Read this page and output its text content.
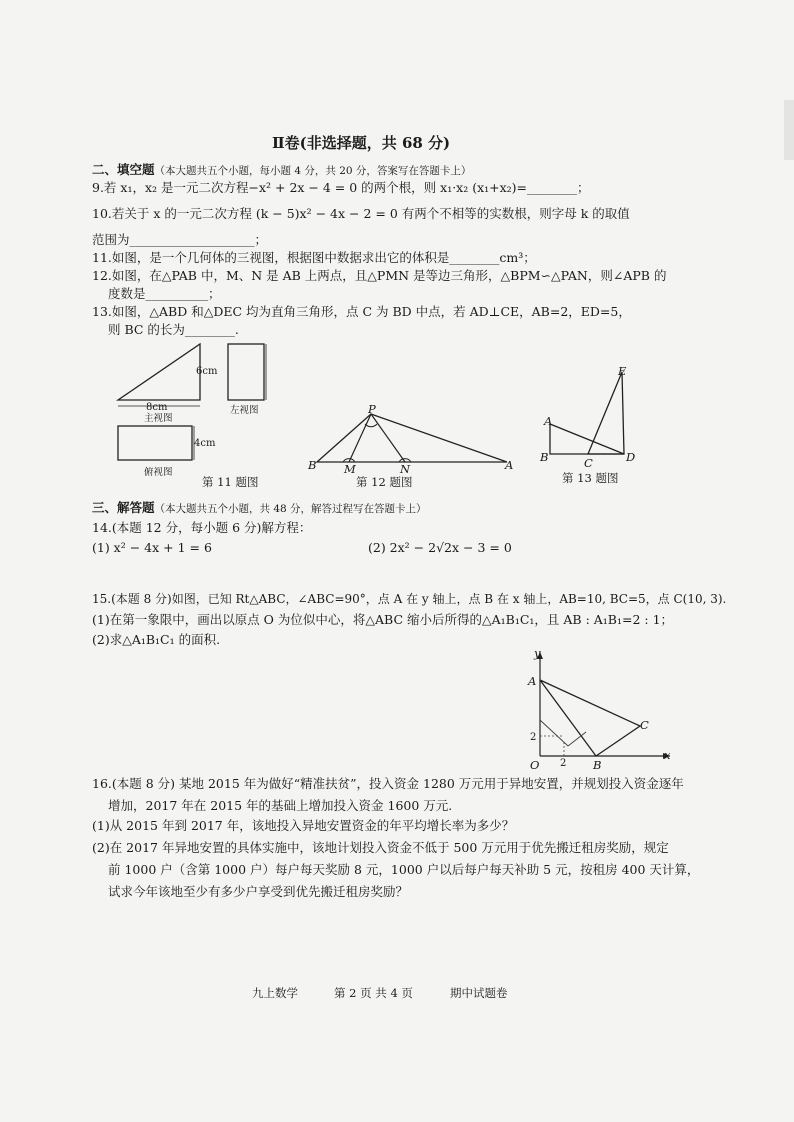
Ⅱ卷(非选择题，共 68 分)
二、填空题（本大题共五个小题，每小题 4 分，共 20 分，答案写在答题卡上）
9.若 x₁，x₂ 是一元二次方程−x² + 2x − 4 = 0 的两个根，则 x₁·x₂ (x₁+x₂)=________；
10.若关于 x 的一元二次方程 (k − 5)x² − 4x − 2 = 0 有两个不相等的实数根，则字母 k 的取值
范围为____________________；
11.如图，是一个几何体的三视图，根据图中数据求出它的体积是________cm³；
12.如图，在△PAB 中，M、N 是 AB 上两点，且△PMN 是等边三角形，△BPM∽△PAN，则∠APB 的
度数是__________；
13.如图，△ABD 和△DEC 均为直角三角形，点 C 为 BD 中点，若 AD⊥CE，AB=2，ED=5，
则 BC 的长为________.
6cm
8cm
主视图
左视图
4cm
俯视图
第 11 题图
P
B M	N	A
第 12 题图
E
A
B	C	D
第 13 题图
三、解答题（本大题共五个小题，共 48 分，解答过程写在答题卡上）
14.(本题 12 分，每小题 6 分)解方程：
(1) x² − 4x + 1 = 6	(2) 2x² − 2√2x − 3 = 0
15.(本题 8 分)如图，已知 Rt△ABC，∠ABC=90°，点 A 在 y 轴上，点 B 在 x 轴上，AB=10, BC=5，点 C(10, 3).
(1)在第一象限中，画出以原点 O 为位似中心，将△ABC 缩小后所得的△A₁B₁C₁，且 AB : A₁B₁=2 : 1；
(2)求△A₁B₁C₁ 的面积.
y
x
A
C
O
2
2 B
16.(本题 8 分) 某地 2015 年为做好“精准扶贫”，投入资金 1280 万元用于异地安置，并规划投入资金逐年
增加，2017 年在 2015 年的基础上增加投入资金 1600 万元.
(1)从 2015 年到 2017 年，该地投入异地安置资金的年平均增长率为多少？
(2)在 2017 年异地安置的具体实施中，该地计划投入资金不低于 500 万元用于优先搬迁租房奖励，规定
前 1000 户（含第 1000 户）每户每天奖励 8 元，1000 户以后每户每天补助 5 元，按租房 400 天计算，
试求今年该地至少有多少户享受到优先搬迁租房奖励？
九上数学	第 2 页 共 4 页	期中试题卷
